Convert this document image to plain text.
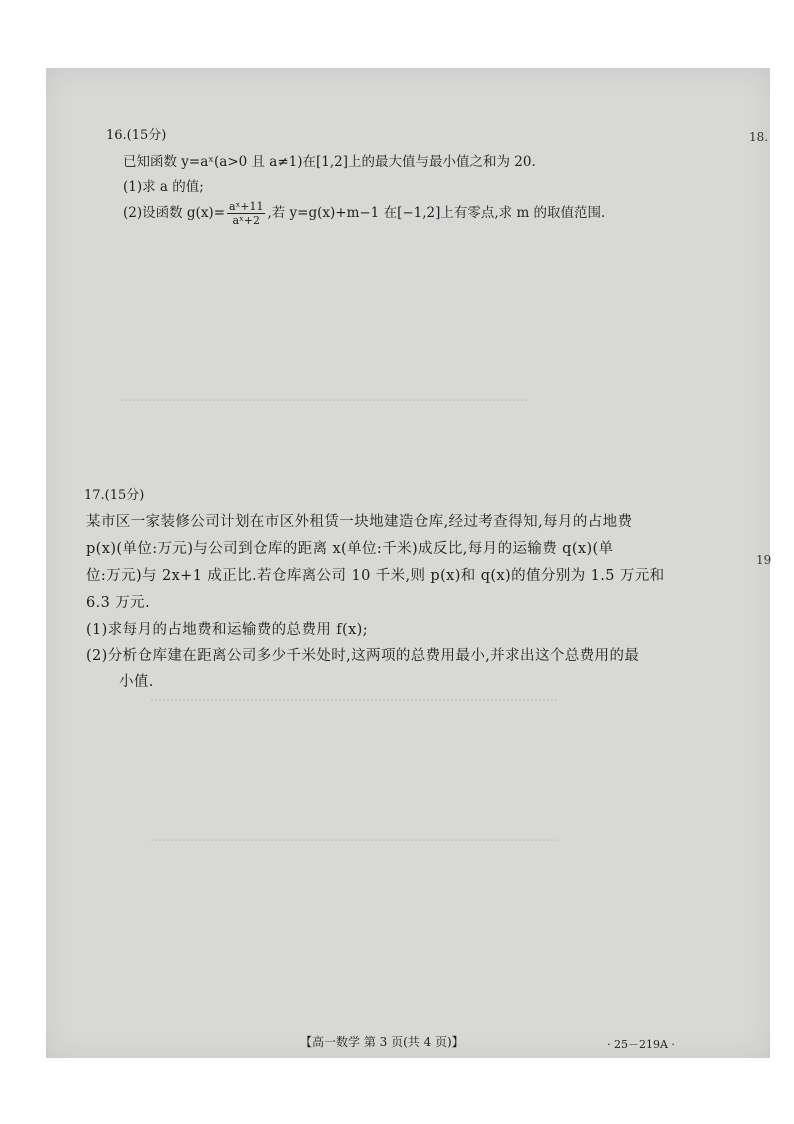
…………………………………………………………………………………………
…………………………………………………………………………………………
…………………………………………………………………………………………
18.
19
16.(15分)
已知函数 y=aˣ(a>0 且 a≠1)在[1,2]上的最大值与最小值之和为 20.
(1)求 a 的值;
(2)设函数 $g(x)= \frac{\text{aˣ+11}}{\text{aˣ+2}}$ ,若 y=g(x)+m−1 在[−1,2]上有零点,求 m 的取值范围.
17.(15分)
某市区一家装修公司计划在市区外租赁一块地建造仓库,经过考查得知,每月的占地费
p(x)(单位:万元)与公司到仓库的距离 x(单位:千米)成反比,每月的运输费 q(x)(单
位:万元)与 2x+1 成正比.若仓库离公司 10 千米,则 p(x)和 q(x)的值分别为 1.5 万元和
6.3 万元.
(1)求每月的占地费和运输费的总费用 f(x);
(2)分析仓库建在距离公司多少千米处时,这两项的总费用最小,并求出这个总费用的最
小值.
【高一数学 第 3 页(共 4 页)】	· 25－219A ·
